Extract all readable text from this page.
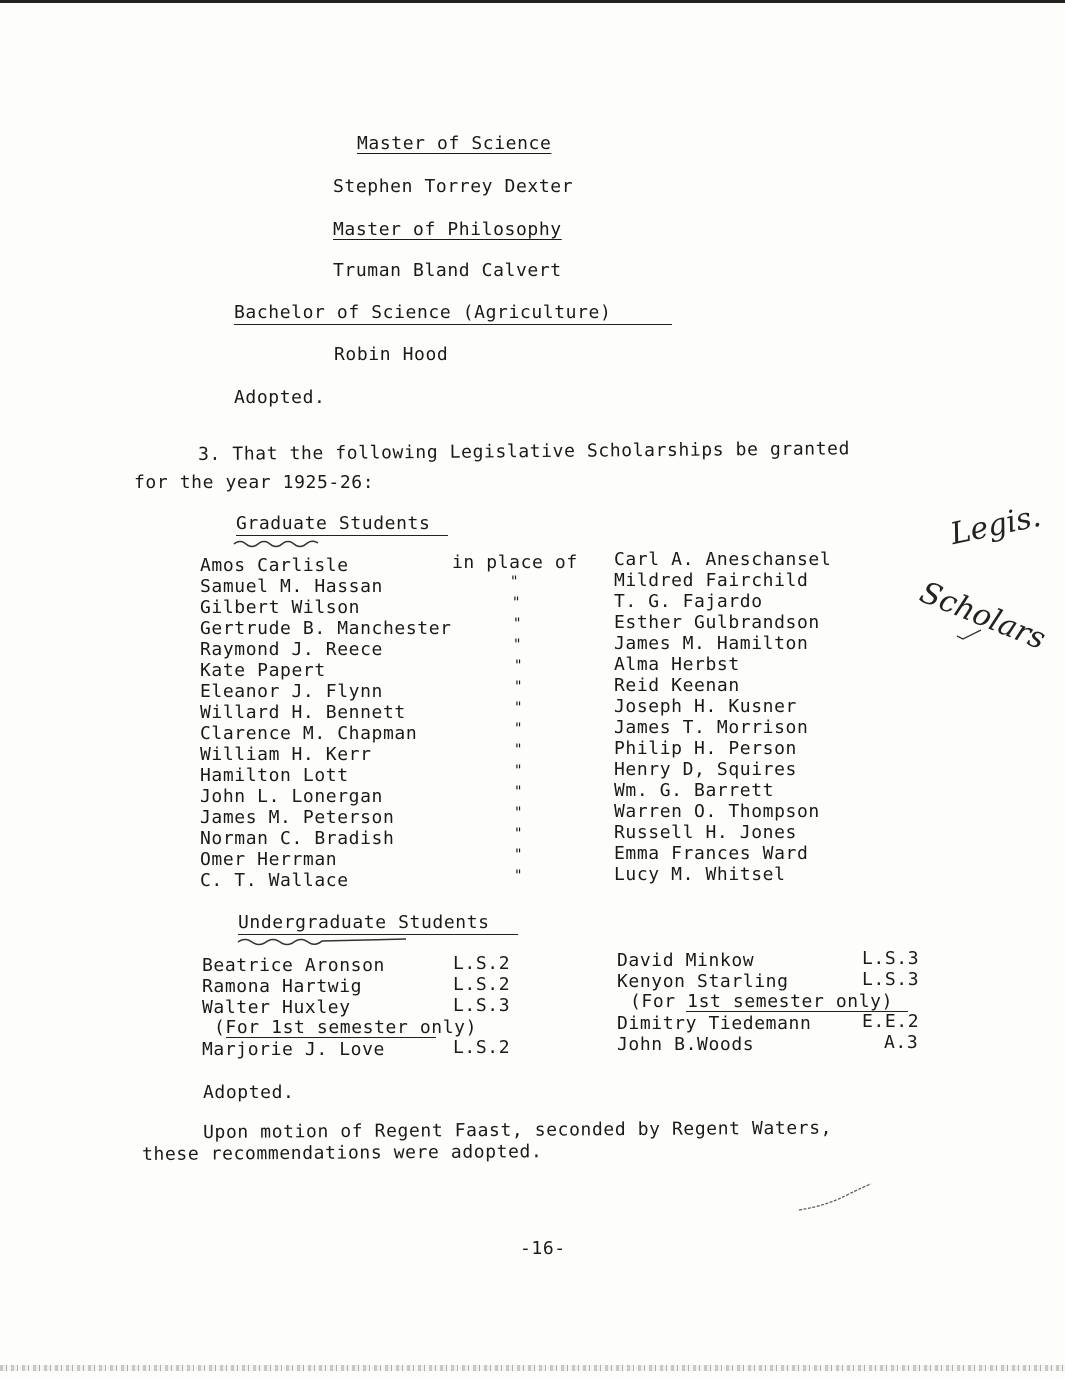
Master of Science
Stephen Torrey Dexter
Master of Philosophy
Truman Bland Calvert
Bachelor of Science (Agriculture)
Robin Hood
Adopted.
3. That the following Legislative Scholarships be granted
for the year 1925-26:
Graduate Students
Amos Carlisle	in place of Carl A. Aneschansel
Samuel M. Hassan	"	Mildred Fairchild
Gilbert Wilson	"	T. G. Fajardo
Gertrude B. Manchester	"	Esther Gulbrandson
Raymond J. Reece	"	James M. Hamilton
Kate Papert	"	Alma Herbst
Eleanor J. Flynn	"	Reid Keenan
Willard H. Bennett	"	Joseph H. Kusner
Clarence M. Chapman	"	James T. Morrison
William H. Kerr	"	Philip H. Person
Hamilton Lott	"	Henry D, Squires
John L. Lonergan	"	Wm. G. Barrett
James M. Peterson	"	Warren O. Thompson
Norman C. Bradish	"	Russell H. Jones
Omer Herrman	"	Emma Frances Ward
C. T. Wallace	"	Lucy M. Whitsel
Undergraduate Students
Beatrice Aronson	L.S.2
Ramona Hartwig	L.S.2
Walter Huxley	L.S.3
(For 1st semester only)
Marjorie J. Love	L.S.2
David Minkow	L.S.3
Kenyon Starling	L.S.3
(For 1st semester only)
Dimitry Tiedemann	E.E.2
John B.Woods	A.3
Adopted.
Upon motion of Regent Faast, seconded by Regent Waters,
these recommendations were adopted.
-16-
Legis.
Scholars
